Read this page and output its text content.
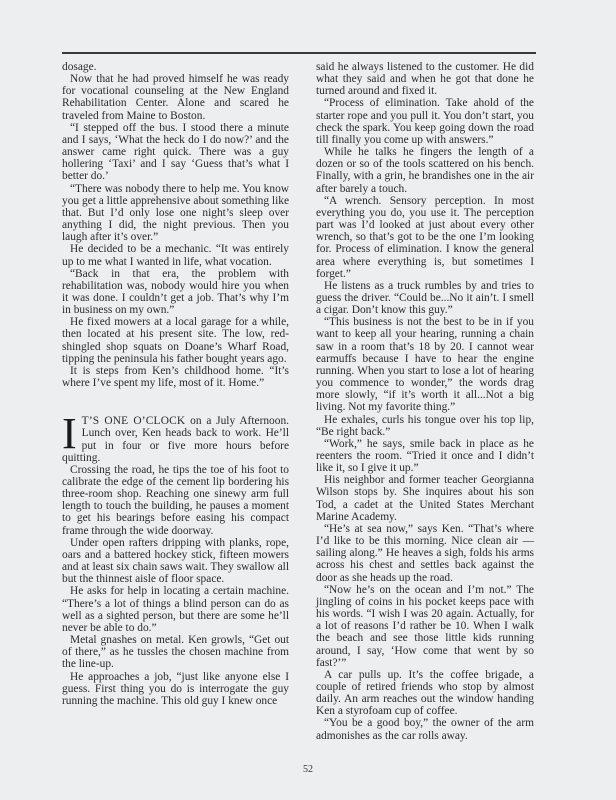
dosage.

Now that he had proved himself he was ready for vocational counseling at the New England Rehabilitation Center. Alone and scared he traveled from Maine to Boston.

“I stepped off the bus. I stood there a minute and I says, ‘What the heck do I do now?’ and the answer came right quick. There was a guy hollering ‘Taxi’ and I say ‘Guess that’s what I better do.’

“There was nobody there to help me. You know you get a little apprehensive about something like that. But I’d only lose one night’s sleep over anything I did, the night previous. Then you laugh after it’s over.”

He decided to be a mechanic. “It was entirely up to me what I wanted in life, what vocation.

“Back in that era, the problem with rehabilitation was, nobody would hire you when it was done. I couldn’t get a job. That’s why I’m in business on my own.”

He fixed mowers at a local garage for a while, then located at his present site. The low, red-shingled shop squats on Doane’s Wharf Road, tipping the peninsula his father bought years ago.

It is steps from Ken’s childhood home. “It’s where I’ve spent my life, most of it. Home.”

I T’S ONE O’CLOCK on a July Afternoon. Lunch over, Ken heads back to work. He’ll put in four or five more hours before quitting.

Crossing the road, he tips the toe of his foot to calibrate the edge of the cement lip bordering his three-room shop. Reaching one sinewy arm full length to touch the building, he pauses a moment to get his bearings before easing his compact frame through the wide doorway.

Under open rafters dripping with planks, rope, oars and a battered hockey stick, fifteen mowers and at least six chain saws wait. They swallow all but the thinnest aisle of floor space.

He asks for help in locating a certain machine. “There’s a lot of things a blind person can do as well as a sighted person, but there are some he’ll never be able to do.”

Metal gnashes on metal. Ken growls, “Get out of there,” as he tussles the chosen machine from the line-up.

He approaches a job, “just like anyone else I guess. First thing you do is interrogate the guy running the machine. This old guy I knew once

said he always listened to the customer. He did what they said and when he got that done he turned around and fixed it.

“Process of elimination. Take ahold of the starter rope and you pull it. You don’t start, you check the spark. You keep going down the road till finally you come up with answers.”

While he talks he fingers the length of a dozen or so of the tools scattered on his bench. Finally, with a grin, he brandishes one in the air after barely a touch.

“A wrench. Sensory perception. In most everything you do, you use it. The perception part was I’d looked at just about every other wrench, so that’s got to be the one I’m looking for. Process of elimination. I know the general area where everything is, but sometimes I forget.”

He listens as a truck rumbles by and tries to guess the driver. “Could be...No it ain’t. I smell a cigar. Don’t know this guy.”

“This business is not the best to be in if you want to keep all your hearing, running a chain saw in a room that’s 18 by 20. I cannot wear earmuffs because I have to hear the engine running. When you start to lose a lot of hearing you commence to wonder,” the words drag more slowly, “if it’s worth it all...Not a big living. Not my favorite thing.”

He exhales, curls his tongue over his top lip, “Be right back.”

“Work,” he says, smile back in place as he reenters the room. “Tried it once and I didn’t like it, so I give it up.”

His neighbor and former teacher Georgianna Wilson stops by. She inquires about his son Tod, a cadet at the United States Merchant Marine Academy.

“He’s at sea now,” says Ken. “That’s where I’d like to be this morning. Nice clean air — sailing along.” He heaves a sigh, folds his arms across his chest and settles back against the door as she heads up the road.

“Now he’s on the ocean and I’m not.” The jingling of coins in his pocket keeps pace with his words. “I wish I was 20 again. Actually, for a lot of reasons I’d rather be 10. When I walk the beach and see those little kids running around, I say, ‘How come that went by so fast?’”

A car pulls up. It’s the coffee brigade, a couple of retired friends who stop by almost daily. An arm reaches out the window handing Ken a styrofoam cup of coffee.

“You be a good boy,” the owner of the arm admonishes as the car rolls away.

52
